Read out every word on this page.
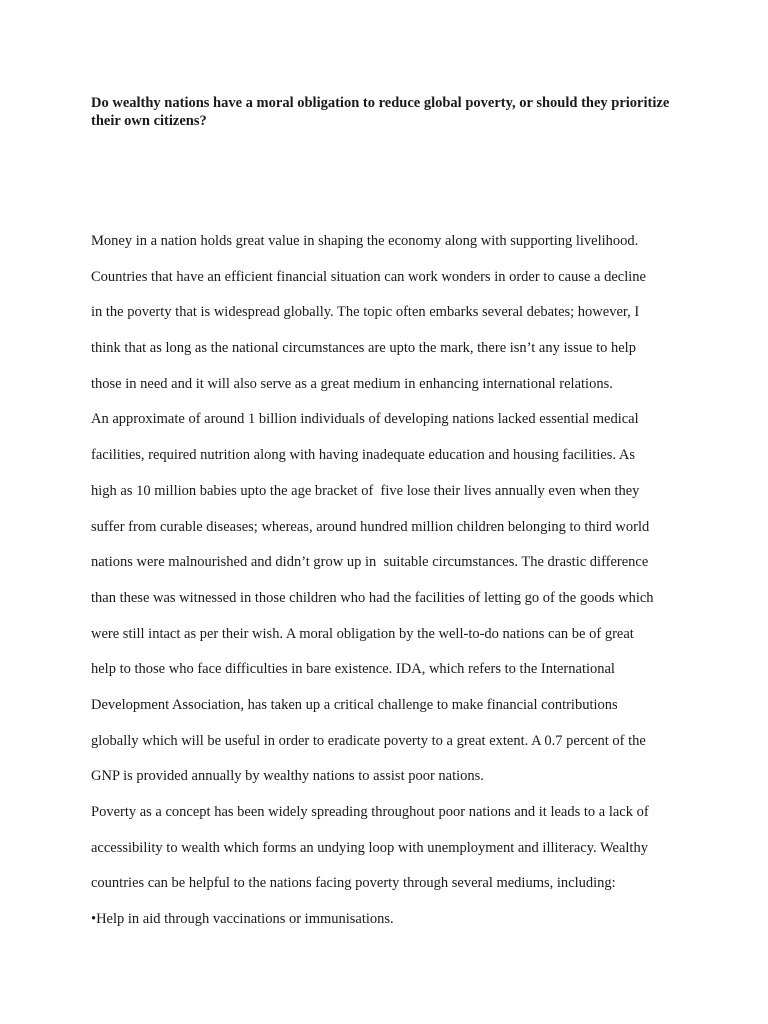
Do wealthy nations have a moral obligation to reduce global poverty, or should they prioritize their own citizens?
Money in a nation holds great value in shaping the economy along with supporting livelihood.
Countries that have an efficient financial situation can work wonders in order to cause a decline
in the poverty that is widespread globally. The topic often embarks several debates; however, I
think that as long as the national circumstances are upto the mark, there isn’t any issue to help
those in need and it will also serve as a great medium in enhancing international relations.
An approximate of around 1 billion individuals of developing nations lacked essential medical
facilities, required nutrition along with having inadequate education and housing facilities. As
high as 10 million babies upto the age bracket of  five lose their lives annually even when they
suffer from curable diseases; whereas, around hundred million children belonging to third world
nations were malnourished and didn’t grow up in  suitable circumstances. The drastic difference
than these was witnessed in those children who had the facilities of letting go of the goods which
were still intact as per their wish. A moral obligation by the well-to-do nations can be of great
help to those who face difficulties in bare existence. IDA, which refers to the International
Development Association, has taken up a critical challenge to make financial contributions
globally which will be useful in order to eradicate poverty to a great extent. A 0.7 percent of the
GNP is provided annually by wealthy nations to assist poor nations.
Poverty as a concept has been widely spreading throughout poor nations and it leads to a lack of
accessibility to wealth which forms an undying loop with unemployment and illiteracy. Wealthy
countries can be helpful to the nations facing poverty through several mediums, including:
•Help in aid through vaccinations or immunisations.
